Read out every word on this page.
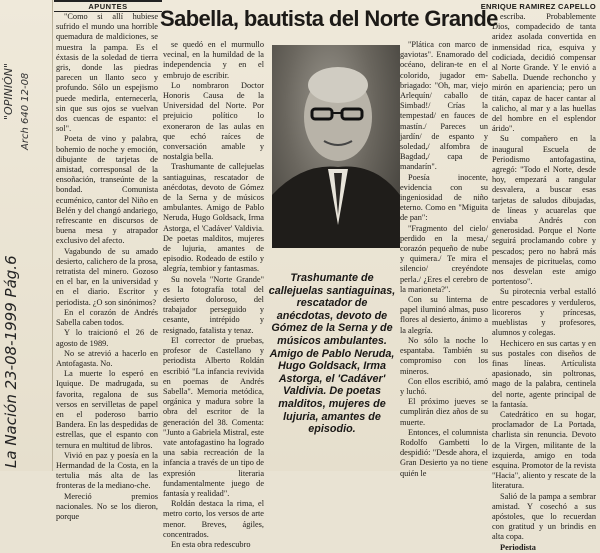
La Nación 23-08-1999 Pág.6
Arch 640 12-08
"OPINIÓN"
APUNTES	ENRIQUE RAMIREZ CAPELLO
Sabella, bautista del Norte Grande

"Como si allí hubiese sufrido el mundo una horrible quemadura de maldiciones, se muestra la pampa. Es el éxtasis de la soledad de tierra gris, donde las piedras parecen un llanto seco y profundo. Sólo un espejismo puede medirla, enternecerla, sin que sus ojos se vuelvan dos cuencas de espanto: el sol".

Poeta de vino y palabra, bohemio de noche y emoción, dibujante de tarjetas de amistad, corresponsal de la ensoñación, transeúnte de la bondad. Comunista ecuménico, cantor del Niño en Belén y del changó andariego, refrescante en discursos de buena mesa y atrapador exclusivo del afecto.

Vagabundo de su amado desierto, calichero de la prosa, retratista del minero. Gozoso en el bar, en la universidad y en el diario. Escritor y periodista. ¿O son sinónimos?

En el corazón de Andrés Sabella caben todos.

Y lo traicionó el 26 de agosto de 1989.

No se atrevió a hacerlo en Antofagasta. No.

La muerte lo esperó en Iquique. De madrugada, su favorita, regalona de sus versos en servilletas de papel en el poderoso barrio Bandera. En las despedidas de estrellas, que el espanto con ternura en multitud de libros.

Vivió en paz y poesía en la Hermandad de la Costa, en la tertulia más alta de las fronteras de la mediano-che.

Mereció premios nacionales. No se los dieron, porque

se quedó en el murmullo vecinal, en la humildad de la independencia y en el embrujo de escribir.

Lo nombraron Doctor Honoris Causa de la Universidad del Norte. Por prejuicio político lo exoneraron de las aulas en que echó raíces de conversación amable y nostalgia bella.

Trashumante de callejuelas santiaguinas, rescatador de anécdotas, devoto de Gómez de la Serna y de músicos ambulantes. Amigo de Pablo Neruda, Hugo Goldsack, Irma Astorga, el 'Cadáver' Valdivia. De poetas malditos, mujeres de lujuria, amantes de episodio. Rodeado de estilo y alegría, tembior y fantasmas.

Su novela "Norte Grande" es la fotografía total del desierto doloroso, del trabajador perseguido y cesante, intrépido y resignado, fatalista y tenaz.

El corrector de pruebas, profesor de Castellano y periodista Alberto Roldán escribió "La infancia revivida en poemas de Andrés Sabella". Memoria metódica, orgánica y madura sobre la obra del escritor de la generación del 38. Comenta: "Junto a Gabriela Mistral, este vate antofagastino ha logrado una sabia recreación de la infancia a través de un tipo de expresión literaria fundamentalmente juego de fantasía y realidad".

Roldán destaca la rima, el metro corto, los versos de arte menor. Breves, ágiles, concentrados.

En esta obra redescubro

Trashumante de callejuelas santiaguinas, rescatador de anécdotas, devoto de Gómez de la Serna y de músicos ambulantes. Amigo de Pablo Neruda, Hugo Goldsack, Irma Astorga, el 'Cadáver' Valdivia. De poetas malditos, mujeres de lujuria, amantes de episodio.

"Plática con marco de gaviotas". Enamorado del océano, deliran-te en el colorido, jugador em-briagado: "Oh, mar, viejo Arlequín/ caballo de Simbad!/ Crías la tempestad/ en fauces de mastín./ Pareces un jardín/ de espanto y soledad,/ alfombra de Bagdad,/ capa de mandarín".

Poesía inocente, evidencia con su ingeniosidad de niño eterno. Como en "Miguita de pan":

"Fragmento del cielo/ perdido en la mesa,/ corazón pequeño de nube y quimera./ Te mira el silencio/ creyéndote perla./ ¿Eres el cerebro de la marioneta?".

Con su linterna de papel iluminó almas, puso flores al desierto, ánimo a la alegría.

No sólo la noche lo espantaba. También su compromiso con los mineros.

Con ellos escribió, amó y luchó.

El próximo jueves se cumplirán diez años de su muerte.

Entonces, el columnista Rodolfo Gambetti lo despidió: "Desde ahora, el Gran Desierto ya no tiene quién le

escriba. Probablemente Dios, compadecido de tanta aridez asolada convertida en inmensidad rica, esquiva y codiciada, decidió compensar al Norte Grande. Y le envió a Sabella. Duende rechoncho y mirón en apariencia; pero un titán, capaz de hacer cantar al calicho, al mar y a las huellas del hombre en el esplendor árido".

Su compañero en la inaugural Escuela de Periodismo antofagastina, agregó: "Todo el Norte, desde hoy, empezará a rangular desvalera, a buscar esas tarjetas de saludos dibujadas, de líneas y acuarelas que enviaba Andrés con generosidad. Porque el Norte seguirá proclamando cobre y pescados; pero no habrá más mensajes de picrituelas, como nos desvelan este amigo portentoso".

Su pirotecnia verbal estalló entre pescadores y verduleros, licoreros y príncesas, mueblistas y profesores, alumnos y colegas.

Hechicero en sus cartas y en sus postales con diseños de finas líneas. Artículista apasionado, sin poltronas, mago de la palabra, centinela del norte, agente principal de la fantasía.

Catedrático en su hogar, proclamador de La Portada, charlista sin renuncia. Devoto de la Virgen, militante de la izquierda, amigo en toda esquina. Promotor de la revista "Hacia", aliento y rescate de la literatura.

Salió de la pampa a sembrar amistad. Y cosechó a sus apóstoles, que lo recuerdan con gratitud y un brindis en alta copa.

Periodista
